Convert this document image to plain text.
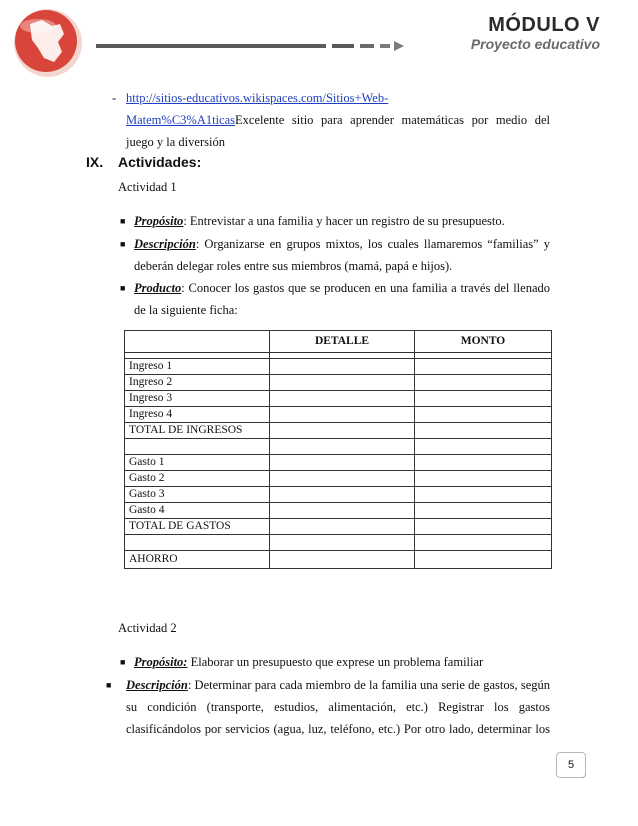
MÓDULO V
Proyecto educativo
- http://sitios-educativos.wikispaces.com/Sitios+Web-
Matem%C3%A1ticasExcelente sitio para aprender matemáticas por medio del
juego y la diversión
IX. Actividades:
Actividad 1
■ Propósito: Entrevistar a una familia y hacer un registro de su presupuesto.
■ Descripción: Organizarse en grupos mixtos, los cuales llamaremos “familias” y
deberán delegar roles entre sus miembros (mamá, papá e hijos).
■ Producto: Conocer los gastos que se producen en una familia a través del llenado
de la siguiente ficha:
	DETALLE	MONTO

Ingreso 1		
Ingreso 2		
Ingreso 3		
Ingreso 4		
TOTAL DE INGRESOS		

Gasto 1		
Gasto 2		
Gasto 3		
Gasto 4		
TOTAL DE GASTOS		

AHORRO		
Actividad 2
■ Propósito: Elaborar un presupuesto que exprese un problema familiar
■ Descripción: Determinar para cada miembro de la familia una serie de gastos, según
su condición (transporte, estudios, alimentación, etc.) Registrar los gastos
clasificándolos por servicios (agua, luz, teléfono, etc.) Por otro lado, determinar los
5
